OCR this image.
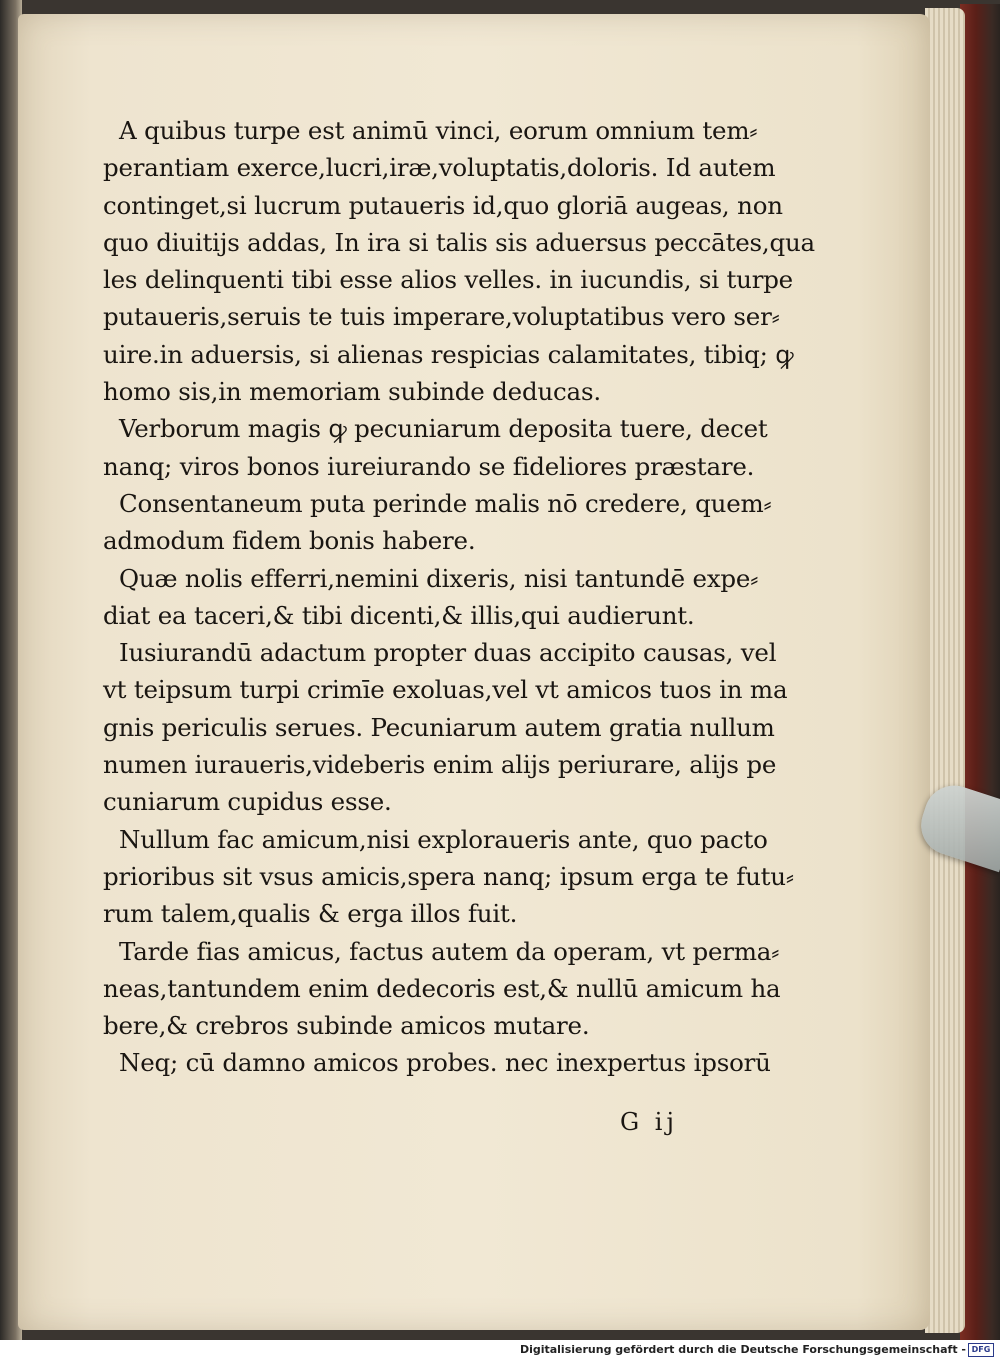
A quibus turpe est animū vinci, eorum omnium tem⸗
perantiam exerce,lucri,iræ,voluptatis,doloris. Id autem
continget,si lucrum putaueris id,quo gloriā augeas, non
quo diuitijs addas, In ira si talis sis aduersus peccātes,qua
les delinquenti tibi esse alios velles. in iucundis, si turpe
putaueris,seruis te tuis imperare,voluptatibus vero ser⸗
uire.in aduersis, si alienas respicias calamitates, tibiq; ꝙ
homo sis,in memoriam subinde deducas.
Verborum magis ꝙ pecuniarum deposita tuere, decet
nanq; viros bonos iureiurando se fideliores præstare.
Consentaneum puta perinde malis nō credere, quem⸗
admodum fidem bonis habere.
Quæ nolis efferri,nemini dixeris, nisi tantundē expe⸗
diat ea taceri,& tibi dicenti,& illis,qui audierunt.
Iusiurandū adactum propter duas accipito causas, vel
vt teipsum turpi crimīe exoluas,vel vt amicos tuos in ma
gnis periculis serues. Pecuniarum autem gratia nullum
numen iuraueris,videberis enim alijs periurare, alijs pe
cuniarum cupidus esse.
Nullum fac amicum,nisi exploraueris ante, quo pacto
prioribus sit vsus amicis,spera nanq; ipsum erga te futu⸗
rum talem,qualis & erga illos fuit.
Tarde fias amicus, factus autem da operam, vt perma⸗
neas,tantundem enim dedecoris est,& nullū amicum ha
bere,& crebros subinde amicos mutare.
Neq; cū damno amicos probes. nec inexpertus ipsorū
G ij
Digitalisierung gefördert durch die Deutsche Forschungsgemeinschaft - DFG
